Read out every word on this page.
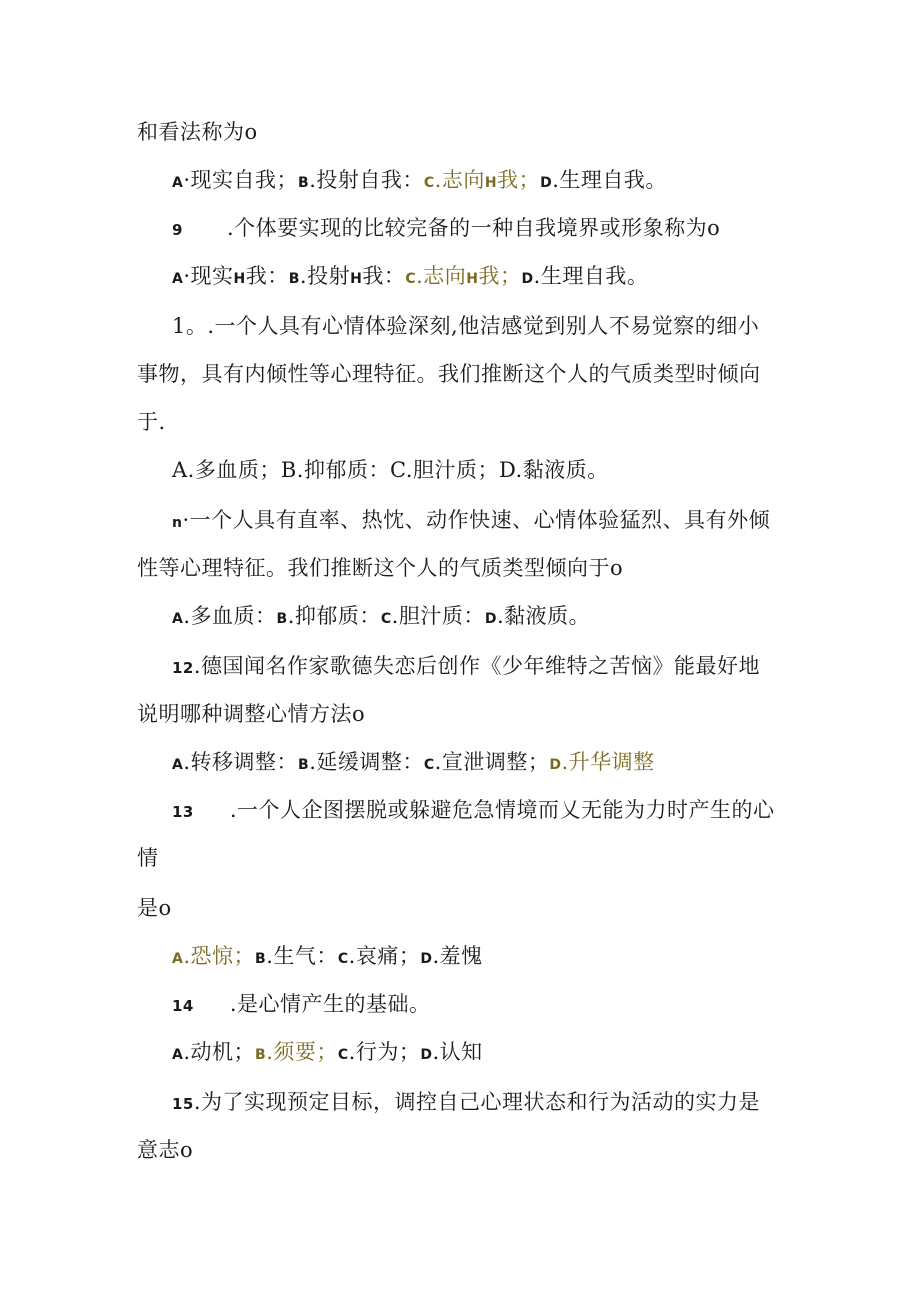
和看法称为o
A·现实自我；B.投射自我：C.志向H我；D.生理自我。
9 .个体要实现的比较完备的一种自我境界或形象称为o
A·现实H我：B.投射H我：C.志向H我；D.生理自我。
1。.一个人具有心情体验深刻,他洁感觉到别人不易觉察的细小
事物，具有内倾性等心理特征。我们推断这个人的气质类型时倾向
于.
A.多血质；B.抑郁质：C.胆汁质；D.黏液质。
n·一个人具有直率、热忱、动作快速、心情体验猛烈、具有外倾
性等心理特征。我们推断这个人的气质类型倾向于o
A.多血质：B.抑郁质：C.胆汁质：D.黏液质。
12.德国闻名作家歌德失恋后创作《少年维特之苦恼》能最好地
说明哪种调整心情方法o
A.转移调整：B.延缓调整：C.宣泄调整；D.升华调整
13 .一个人企图摆脱或躲避危急情境而乂无能为力时产生的心
情
是o
A.恐惊；B.生气：C.哀痛；D.羞愧
14 .是心情产生的基础。
A.动机；B.须要；C.行为；D.认知
15.为了实现预定目标，调控自己心理状态和行为活动的实力是
意志o
